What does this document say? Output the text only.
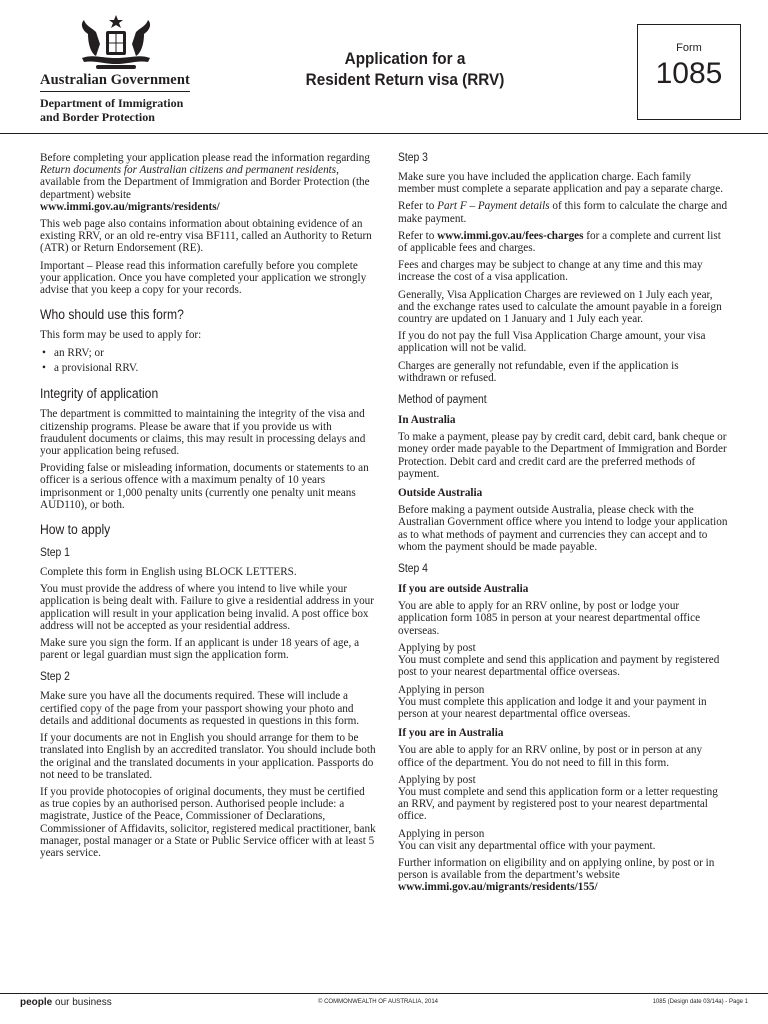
Australian Government
Department of Immigration
and Border Protection
Application for a
Resident Return visa (RRV)
Form
1085

Before completing your application please read the information regarding Return documents for Australian citizens and permanent residents, available from the Department of Immigration and Border Protection (the department) website
www.immi.gov.au/migrants/residents/

This web page also contains information about obtaining evidence of an existing RRV, or an old re-entry visa BF111, called an Authority to Return (ATR) or Return Endorsement (RE).

Important – Please read this information carefully before you complete your application. Once you have completed your application we strongly advise that you keep a copy for your records.

Who should use this form?

This form may be used to apply for:

• an RRV; or
• a provisional RRV.
Integrity of application

The department is committed to maintaining the integrity of the visa and citizenship programs. Please be aware that if you provide us with fraudulent documents or claims, this may result in processing delays and your application being refused.

Providing false or misleading information, documents or statements to an officer is a serious offence with a maximum penalty of 10 years imprisonment or 1,000 penalty units (currently one penalty unit means AUD110), or both.

How to apply
Step 1

Complete this form in English using BLOCK LETTERS.

You must provide the address of where you intend to live while your application is being dealt with. Failure to give a residential address in your application will result in your application being invalid. A post office box address will not be accepted as your residential address.

Make sure you sign the form. If an applicant is under 18 years of age, a parent or legal guardian must sign the application form.

Step 2

Make sure you have all the documents required. These will include a certified copy of the page from your passport showing your photo and details and additional documents as requested in questions in this form.

If your documents are not in English you should arrange for them to be translated into English by an accredited translator. You should include both the original and the translated documents in your application. Passports do not need to be translated.

If you provide photocopies of original documents, they must be certified as true copies by an authorised person. Authorised people include: a magistrate, Justice of the Peace, Commissioner of Declarations, Commissioner of Affidavits, solicitor, registered medical practitioner, bank manager, postal manager or a State or Public Service officer with at least 5 years service.

Step 3

Make sure you have included the application charge. Each family member must complete a separate application and pay a separate charge.

Refer to Part F – Payment details of this form to calculate the charge and make payment.

Refer to www.immi.gov.au/fees-charges for a complete and current list of applicable fees and charges.

Fees and charges may be subject to change at any time and this may increase the cost of a visa application.

Generally, Visa Application Charges are reviewed on 1 July each year, and the exchange rates used to calculate the amount payable in a foreign country are updated on 1 January and 1 July each year.

If you do not pay the full Visa Application Charge amount, your visa application will not be valid.

Charges are generally not refundable, even if the application is withdrawn or refused.

Method of payment
In Australia

To make a payment, please pay by credit card, debit card, bank cheque or money order made payable to the Department of Immigration and Border Protection. Debit card and credit card are the preferred methods of payment.

Outside Australia

Before making a payment outside Australia, please check with the Australian Government office where you intend to lodge your application as to what methods of payment and currencies they can accept and to whom the payment should be made payable.

Step 4
If you are outside Australia

You are able to apply for an RRV online, by post or lodge your application form 1085 in person at your nearest departmental office overseas.

Applying by post
You must complete and send this application and payment by registered post to your nearest departmental office overseas.

Applying in person
You must complete this application and lodge it and your payment in person at your nearest departmental office overseas.

If you are in Australia

You are able to apply for an RRV online, by post or in person at any office of the department. You do not need to fill in this form.

Applying by post
You must complete and send this application form or a letter requesting an RRV, and payment by registered post to your nearest departmental office.

Applying in person
You can visit any departmental office with your payment.

Further information on eligibility and on applying online, by post or in person is available from the department’s website
www.immi.gov.au/migrants/residents/155/

people our business	© COMMONWEALTH OF AUSTRALIA, 2014	1085 (Design date 03/14a) - Page 1
